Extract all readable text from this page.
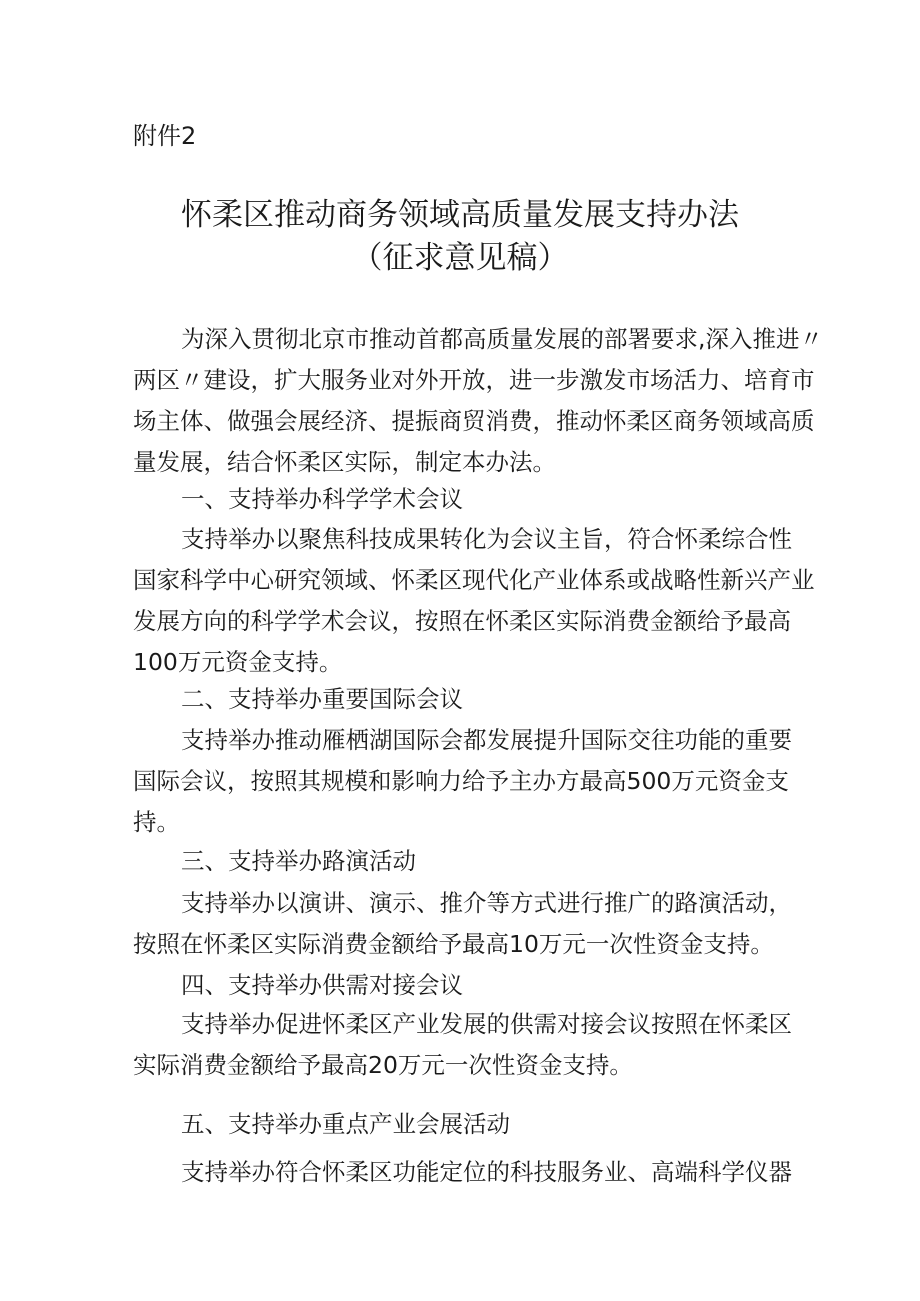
附件2
怀柔区推动商务领域高质量发展支持办法
（征求意见稿）
为深入贯彻北京市推动首都高质量发展的部署要求,深入推进〃
两区〃建设，扩大服务业对外开放，进一步激发市场活力、培育市
场主体、做强会展经济、提振商贸消费，推动怀柔区商务领域高质
量发展，结合怀柔区实际，制定本办法。
一、支持举办科学学术会议
支持举办以聚焦科技成果转化为会议主旨，符合怀柔综合性
国家科学中心研究领域、怀柔区现代化产业体系或战略性新兴产业
发展方向的科学学术会议，按照在怀柔区实际消费金额给予最高
100万元资金支持。
二、支持举办重要国际会议
支持举办推动雁栖湖国际会都发展提升国际交往功能的重要
国际会议，按照其规模和影响力给予主办方最高500万元资金支
持。
三、支持举办路演活动
支持举办以演讲、演示、推介等方式进行推广的路演活动，
按照在怀柔区实际消费金额给予最高10万元一次性资金支持。
四、支持举办供需对接会议
支持举办促进怀柔区产业发展的供需对接会议按照在怀柔区
实际消费金额给予最高20万元一次性资金支持。
五、支持举办重点产业会展活动
支持举办符合怀柔区功能定位的科技服务业、高端科学仪器
